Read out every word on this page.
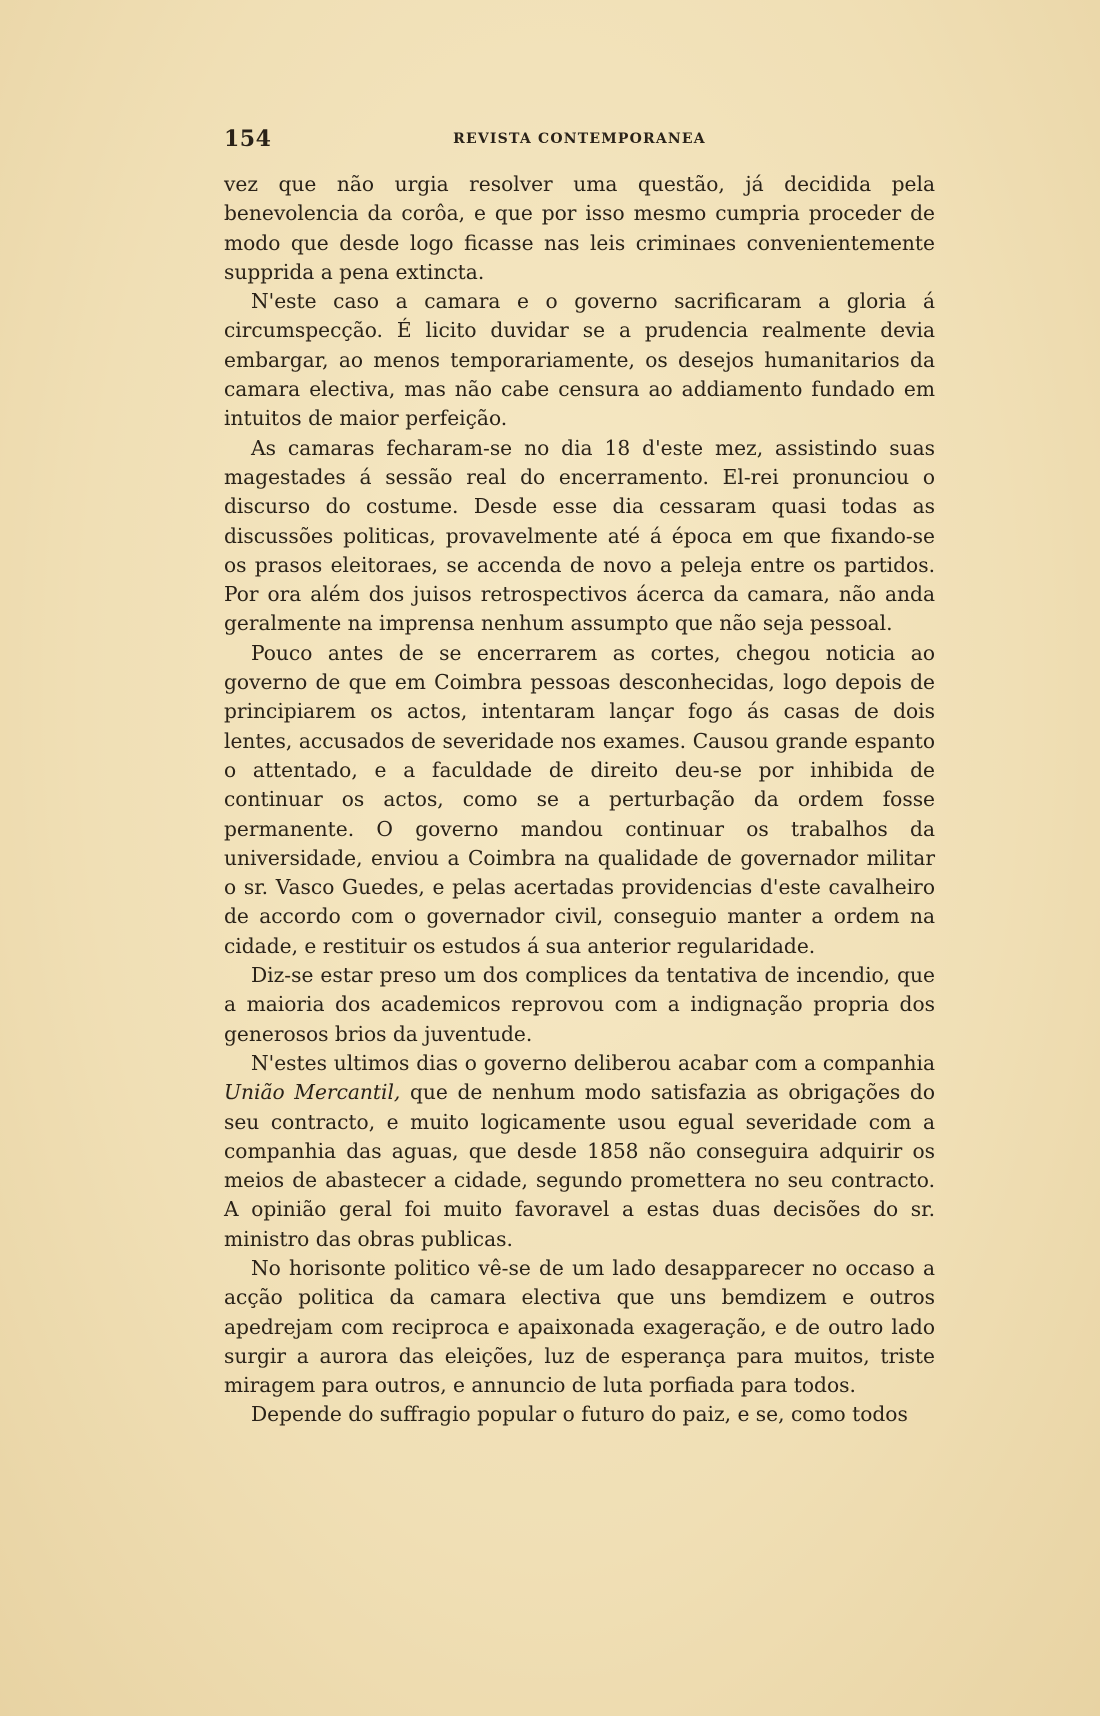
154	REVISTA CONTEMPORANEA

vez que não urgia resolver uma questão, já decidida pela benevolencia da corôa, e que por isso mesmo cumpria proceder de modo que desde logo ficasse nas leis criminaes convenientemente supprida a pena extincta.

N'este caso a camara e o governo sacrificaram a gloria á circumspecção. É licito duvidar se a prudencia realmente devia embargar, ao menos temporariamente, os desejos humanitarios da camara electiva, mas não cabe censura ao addiamento fundado em intuitos de maior perfeição.

As camaras fecharam-se no dia 18 d'este mez, assistindo suas magestades á sessão real do encerramento. El-rei pronunciou o discurso do costume. Desde esse dia cessaram quasi todas as discussões politicas, provavelmente até á época em que fixando-se os prasos eleitoraes, se accenda de novo a peleja entre os partidos. Por ora além dos juisos retrospectivos ácerca da camara, não anda geralmente na imprensa nenhum assumpto que não seja pessoal.

Pouco antes de se encerrarem as cortes, chegou noticia ao governo de que em Coimbra pessoas desconhecidas, logo depois de principiarem os actos, intentaram lançar fogo ás casas de dois lentes, accusados de severidade nos exames. Causou grande espanto o attentado, e a faculdade de direito deu-se por inhibida de continuar os actos, como se a perturbação da ordem fosse permanente. O governo mandou continuar os trabalhos da universidade, enviou a Coimbra na qualidade de governador militar o sr. Vasco Guedes, e pelas acertadas providencias d'este cavalheiro de accordo com o governador civil, conseguio manter a ordem na cidade, e restituir os estudos á sua anterior regularidade.

Diz-se estar preso um dos complices da tentativa de incendio, que a maioria dos academicos reprovou com a indignação propria dos generosos brios da juventude.

N'estes ultimos dias o governo deliberou acabar com a companhia União Mercantil, que de nenhum modo satisfazia as obrigações do seu contracto, e muito logicamente usou egual severidade com a companhia das aguas, que desde 1858 não conseguira adquirir os meios de abastecer a cidade, segundo promettera no seu contracto. A opinião geral foi muito favoravel a estas duas decisões do sr. ministro das obras publicas.

No horisonte politico vê-se de um lado desapparecer no occaso a acção politica da camara electiva que uns bemdizem e outros apedrejam com reciproca e apaixonada exageração, e de outro lado surgir a aurora das eleições, luz de esperança para muitos, triste miragem para outros, e annuncio de luta porfiada para todos.

Depende do suffragio popular o futuro do paiz, e se, como todos
